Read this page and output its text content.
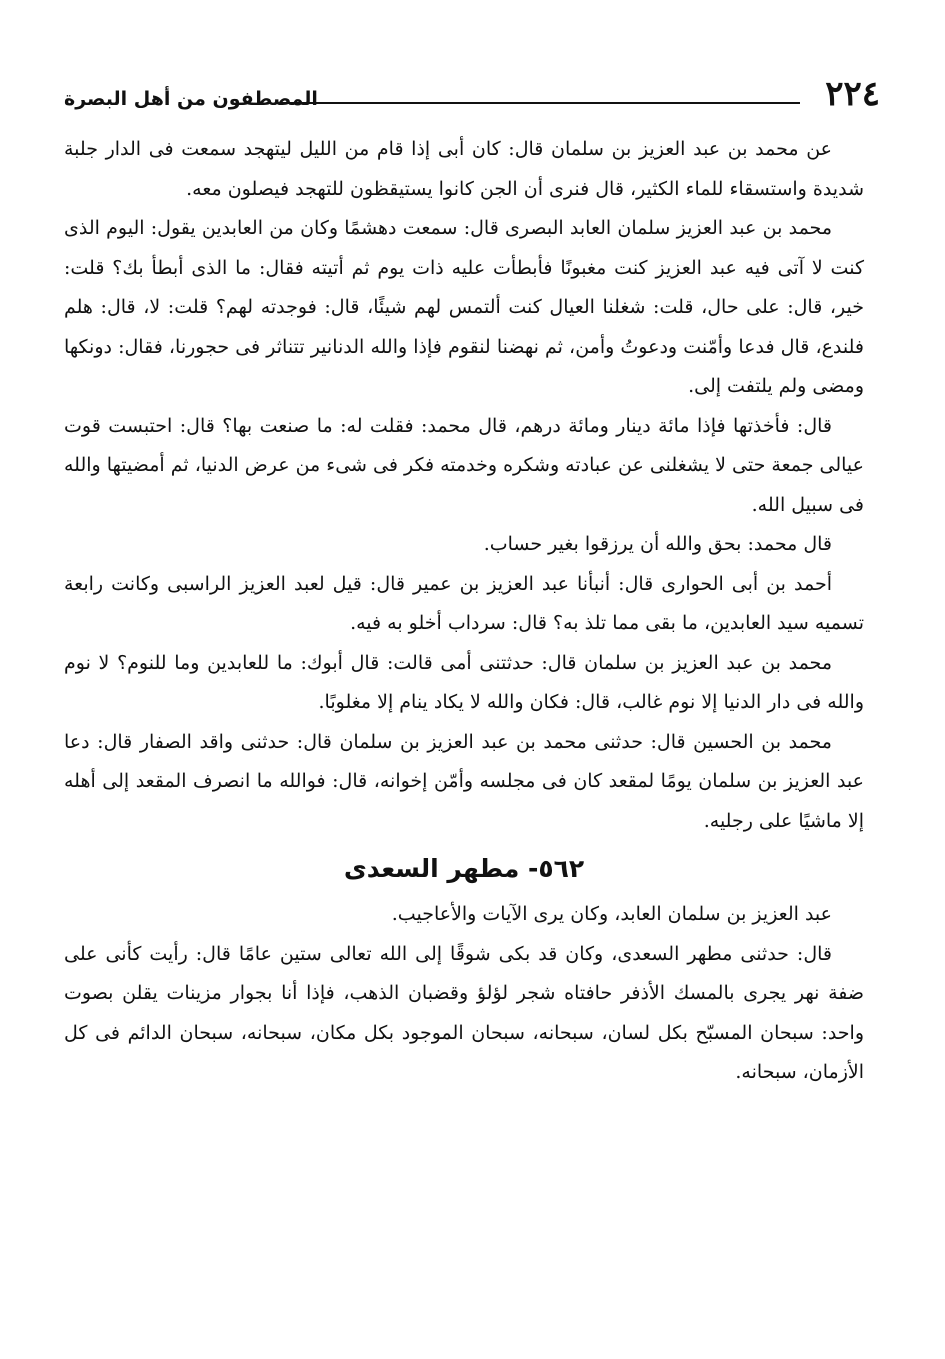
المصطفون من أهل البصرة	٢٢٤

عن محمد بن عبد العزيز بن سلمان قال: كان أبى إذا قام من الليل ليتهجد سمعت فى الدار جلبة شديدة واستسقاء للماء الكثير، قال فنرى أن الجن كانوا يستيقظون للتهجد فيصلون معه.

محمد بن عبد العزيز سلمان العابد البصرى قال: سمعت دهشمًا وكان من العابدين يقول: اليوم الذى كنت لا آتى فيه عبد العزيز كنت مغبونًا فأبطأت عليه ذات يوم ثم أتيته فقال: ما الذى أبطأ بك؟ قلت: خير، قال: على حال، قلت: شغلنا العيال كنت ألتمس لهم شيئًا، قال: فوجدته لهم؟ قلت: لا، قال: هلم فلندع، قال فدعا وأمّنت ودعوتُ وأمن، ثم نهضنا لنقوم فإذا والله الدنانير تتناثر فى حجورنا، فقال: دونكها ومضى ولم يلتفت إلى.

قال: فأخذتها فإذا مائة دينار ومائة درهم، قال محمد: فقلت له: ما صنعت بها؟ قال: احتبست قوت عيالى جمعة حتى لا يشغلنى عن عبادته وشكره وخدمته فكر فى شىء من عرض الدنيا، ثم أمضيتها والله فى سبيل الله.

قال محمد: بحق والله أن يرزقوا بغير حساب.

أحمد بن أبى الحوارى قال: أنبأنا عبد العزيز بن عمير قال: قيل لعبد العزيز الراسبى وكانت رابعة تسميه سيد العابدين، ما بقى مما تلذ به؟ قال: سرداب أخلو به فيه.

محمد بن عبد العزيز بن سلمان قال: حدثتنى أمى قالت: قال أبوك: ما للعابدين وما للنوم؟ لا نوم والله فى دار الدنيا إلا نوم غالب، قال: فكان والله لا يكاد ينام إلا مغلوبًا.

محمد بن الحسين قال: حدثنى محمد بن عبد العزيز بن سلمان قال: حدثنى واقد الصفار قال: دعا عبد العزيز بن سلمان يومًا لمقعد كان فى مجلسه وأمّن إخوانه، قال: فوالله ما انصرف المقعد إلى أهله إلا ماشيًا على رجليه.

٥٦٢- مطهر السعدى

عبد العزيز بن سلمان العابد، وكان يرى الآيات والأعاجيب.

قال: حدثنى مطهر السعدى، وكان قد بكى شوقًا إلى الله تعالى ستين عامًا قال: رأيت كأنى على ضفة نهر يجرى بالمسك الأذفر حافتاه شجر لؤلؤ وقضبان الذهب، فإذا أنا بجوار مزينات يقلن بصوت واحد: سبحان المسبّح بكل لسان، سبحانه، سبحان الموجود بكل مكان، سبحانه، سبحان الدائم فى كل الأزمان، سبحانه.
